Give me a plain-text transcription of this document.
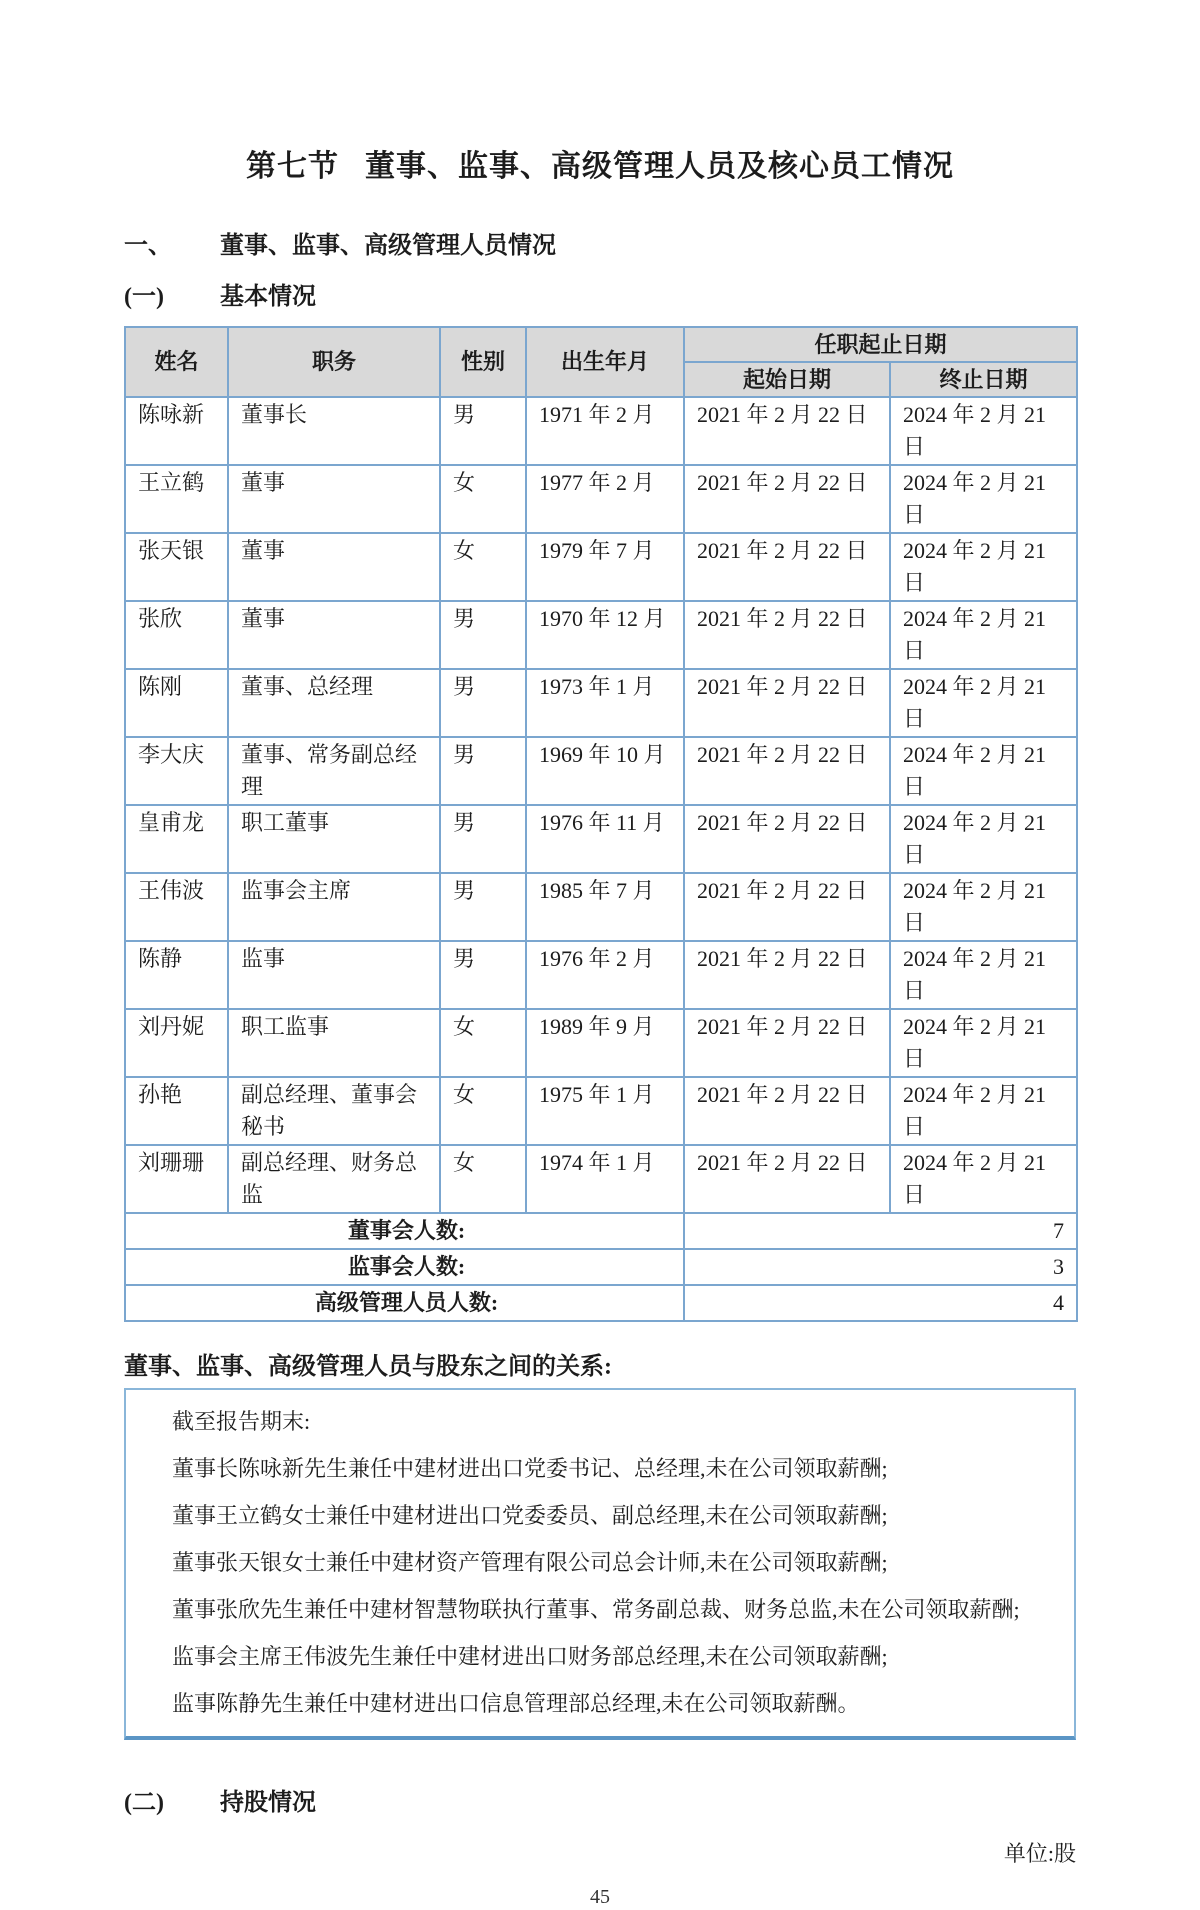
第七节 董事、监事、高级管理人员及核心员工情况
一、 董事、监事、高级管理人员情况
(一) 基本情况
姓名	职务	性别	出生年月	任职起止日期	
				起始日期	终止日期
陈咏新	董事长	男	1971 年 2 月	2021 年 2 月 22 日	2024 年 2 月 21 日
王立鹤	董事	女	1977 年 2 月	2021 年 2 月 22 日	2024 年 2 月 21 日
张天银	董事	女	1979 年 7 月	2021 年 2 月 22 日	2024 年 2 月 21 日
张欣	董事	男	1970 年 12 月	2021 年 2 月 22 日	2024 年 2 月 21 日
陈刚	董事、总经理	男	1973 年 1 月	2021 年 2 月 22 日	2024 年 2 月 21 日
李大庆	董事、常务副总经理	男	1969 年 10 月	2021 年 2 月 22 日	2024 年 2 月 21 日
皇甫龙	职工董事	男	1976 年 11 月	2021 年 2 月 22 日	2024 年 2 月 21 日
王伟波	监事会主席	男	1985 年 7 月	2021 年 2 月 22 日	2024 年 2 月 21 日
陈静	监事	男	1976 年 2 月	2021 年 2 月 22 日	2024 年 2 月 21 日
刘丹妮	职工监事	女	1989 年 9 月	2021 年 2 月 22 日	2024 年 2 月 21 日
孙艳	副总经理、董事会秘书	女	1975 年 1 月	2021 年 2 月 22 日	2024 年 2 月 21 日
刘珊珊	副总经理、财务总监	女	1974 年 1 月	2021 年 2 月 22 日	2024 年 2 月 21 日
董事会人数:				7	
监事会人数:				3	
高级管理人员人数:				4	
董事、监事、高级管理人员与股东之间的关系:

截至报告期末:

董事长陈咏新先生兼任中建材进出口党委书记、总经理,未在公司领取薪酬;

董事王立鹤女士兼任中建材进出口党委委员、副总经理,未在公司领取薪酬;

董事张天银女士兼任中建材资产管理有限公司总会计师,未在公司领取薪酬;

董事张欣先生兼任中建材智慧物联执行董事、常务副总裁、财务总监,未在公司领取薪酬;

监事会主席王伟波先生兼任中建材进出口财务部总经理,未在公司领取薪酬;

监事陈静先生兼任中建材进出口信息管理部总经理,未在公司领取薪酬。

(二) 持股情况
单位:股
45
